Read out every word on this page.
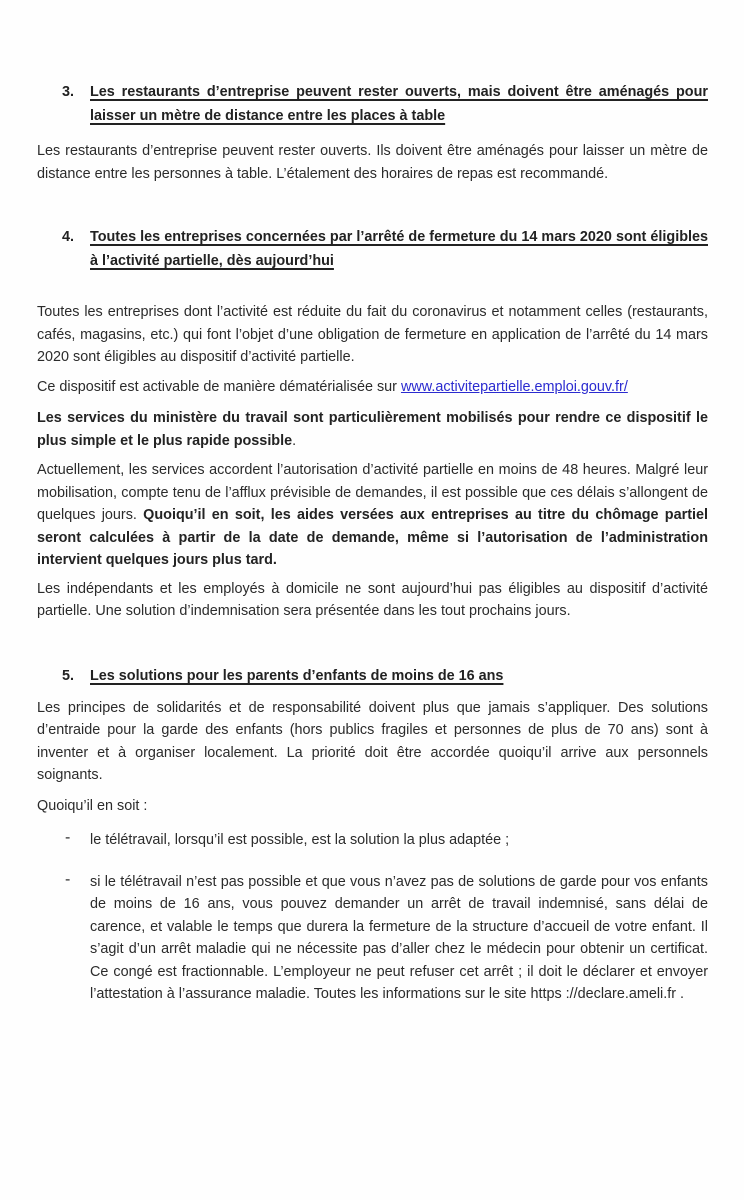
3.	Les restaurants d’entreprise peuvent rester ouverts, mais doivent être aménagés pour laisser un mètre de distance entre les places à table

Les restaurants d’entreprise peuvent rester ouverts. Ils doivent être aménagés pour laisser un mètre de distance entre les personnes à table. L’étalement des horaires de repas est recommandé.

4.	Toutes les entreprises concernées par l’arrêté de fermeture du 14 mars 2020 sont éligibles à l’activité partielle, dès aujourd’hui

Toutes les entreprises dont l’activité est réduite du fait du coronavirus et notamment celles (restaurants, cafés, magasins, etc.) qui font l’objet d’une obligation de fermeture en application de l’arrêté du 14 mars 2020 sont éligibles au dispositif d’activité partielle.

Ce dispositif est activable de manière dématérialisée sur www.activitepartielle.emploi.gouv.fr/

Les services du ministère du travail sont particulièrement mobilisés pour rendre ce dispositif le plus simple et le plus rapide possible.

Actuellement, les services accordent l’autorisation d’activité partielle en moins de 48 heures. Malgré leur mobilisation, compte tenu de l’afflux prévisible de demandes, il est possible que ces délais s’allongent de quelques jours. Quoiqu’il en soit, les aides versées aux entreprises au titre du chômage partiel seront calculées à partir de la date de demande, même si l’autorisation de l’administration intervient quelques jours plus tard.

Les indépendants et les employés à domicile ne sont aujourd’hui pas éligibles au dispositif d’activité partielle. Une solution d’indemnisation sera présentée dans les tout prochains jours.

5.	Les solutions pour les parents d’enfants de moins de 16 ans

Les principes de solidarités et de responsabilité doivent plus que jamais s’appliquer. Des solutions d’entraide pour la garde des enfants (hors publics fragiles et personnes de plus de 70 ans) sont à inventer et à organiser localement. La priorité doit être accordée quoiqu’il arrive aux personnels soignants.

Quoiqu’il en soit :

-	le télétravail, lorsqu’il est possible, est la solution la plus adaptée ;

-	si le télétravail n’est pas possible et que vous n’avez pas de solutions de garde pour vos enfants de moins de 16 ans, vous pouvez demander un arrêt de travail indemnisé, sans délai de carence, et valable le temps que durera la fermeture de la structure d’accueil de votre enfant. Il s’agit d’un arrêt maladie qui ne nécessite pas d’aller chez le médecin pour obtenir un certificat. Ce congé est fractionnable. L’employeur ne peut refuser cet arrêt ; il doit le déclarer et envoyer l’attestation à l’assurance maladie. Toutes les informations sur le site https ://declare.ameli.fr .
